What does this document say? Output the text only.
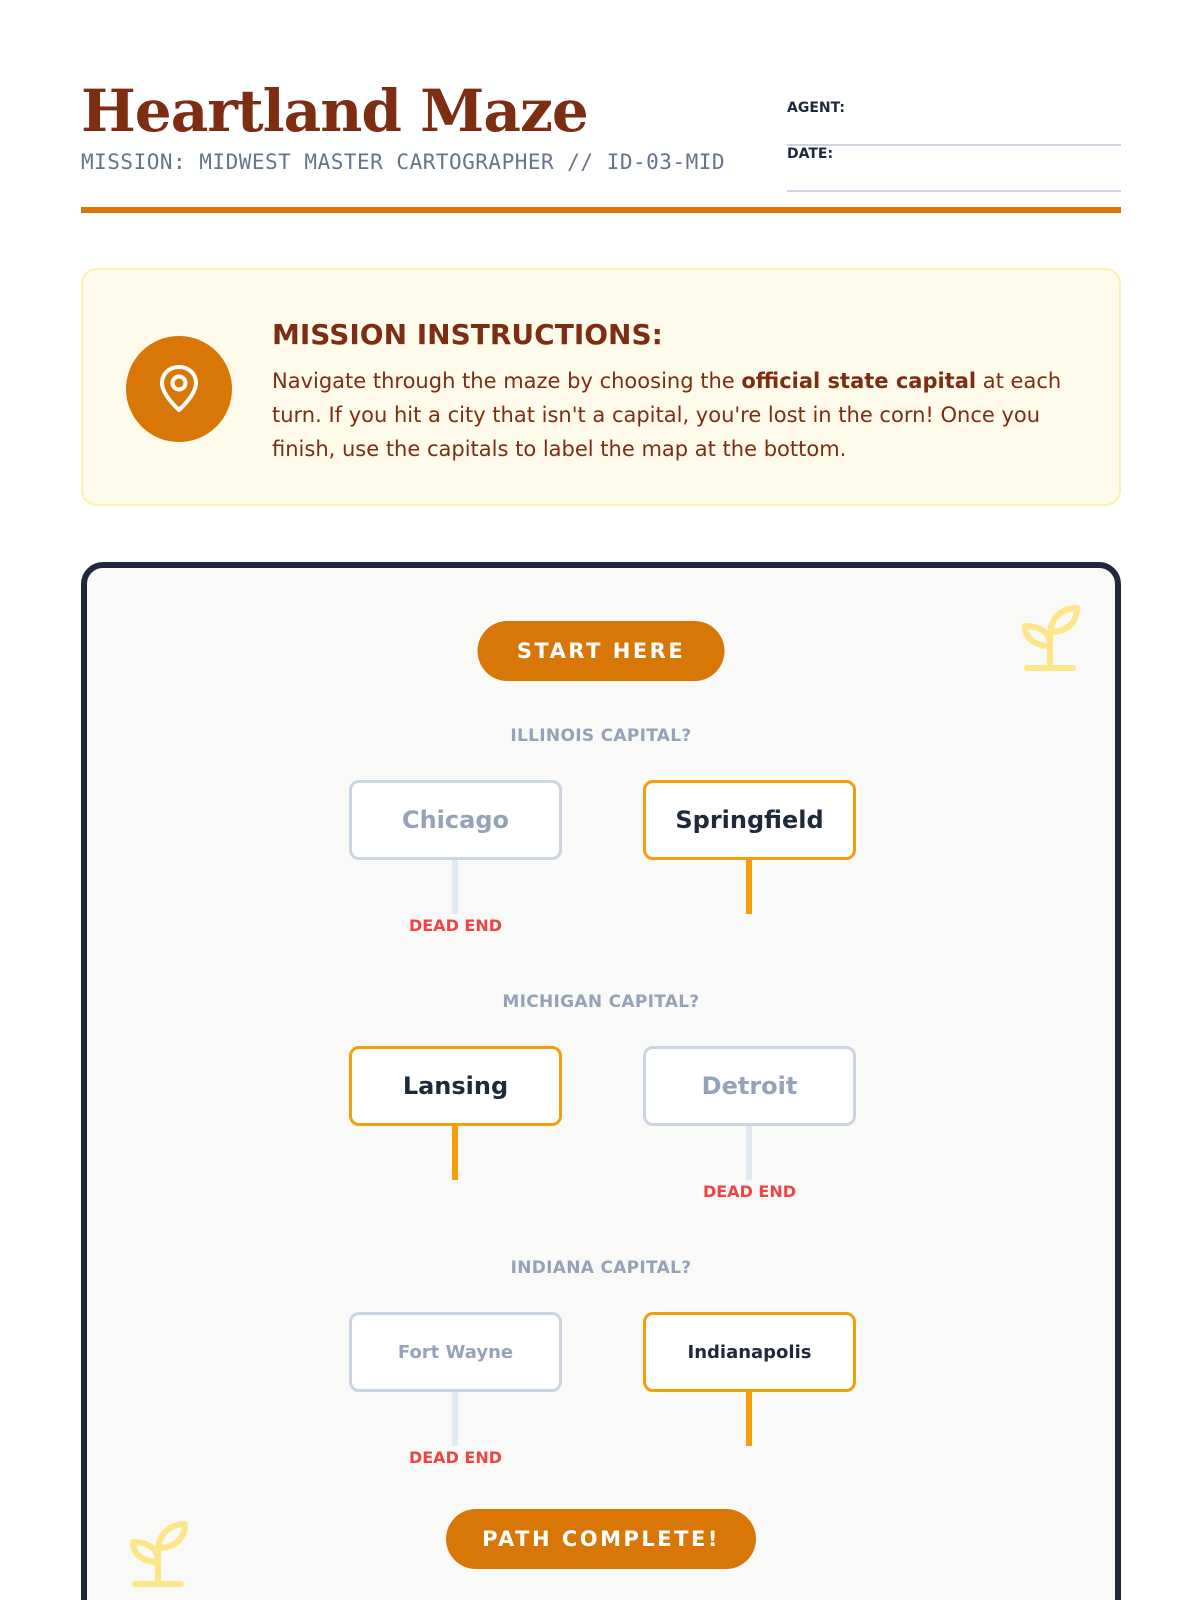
Heartland Maze
MISSION: MIDWEST MASTER CARTOGRAPHER // ID-03-MID
AGENT:
DATE:
MISSION INSTRUCTIONS:

Navigate through the maze by choosing the official state capital at each turn. If you hit a city that isn't a capital, you're lost in the corn! Once you finish, use the capitals to label the map at the bottom.

START HERE
ILLINOIS CAPITAL?
Chicago
DEAD END
Springfield
MICHIGAN CAPITAL?
Lansing	Detroit
DEAD END
INDIANA CAPITAL?
Fort Wayne
DEAD END
Indianapolis
PATH COMPLETE!
